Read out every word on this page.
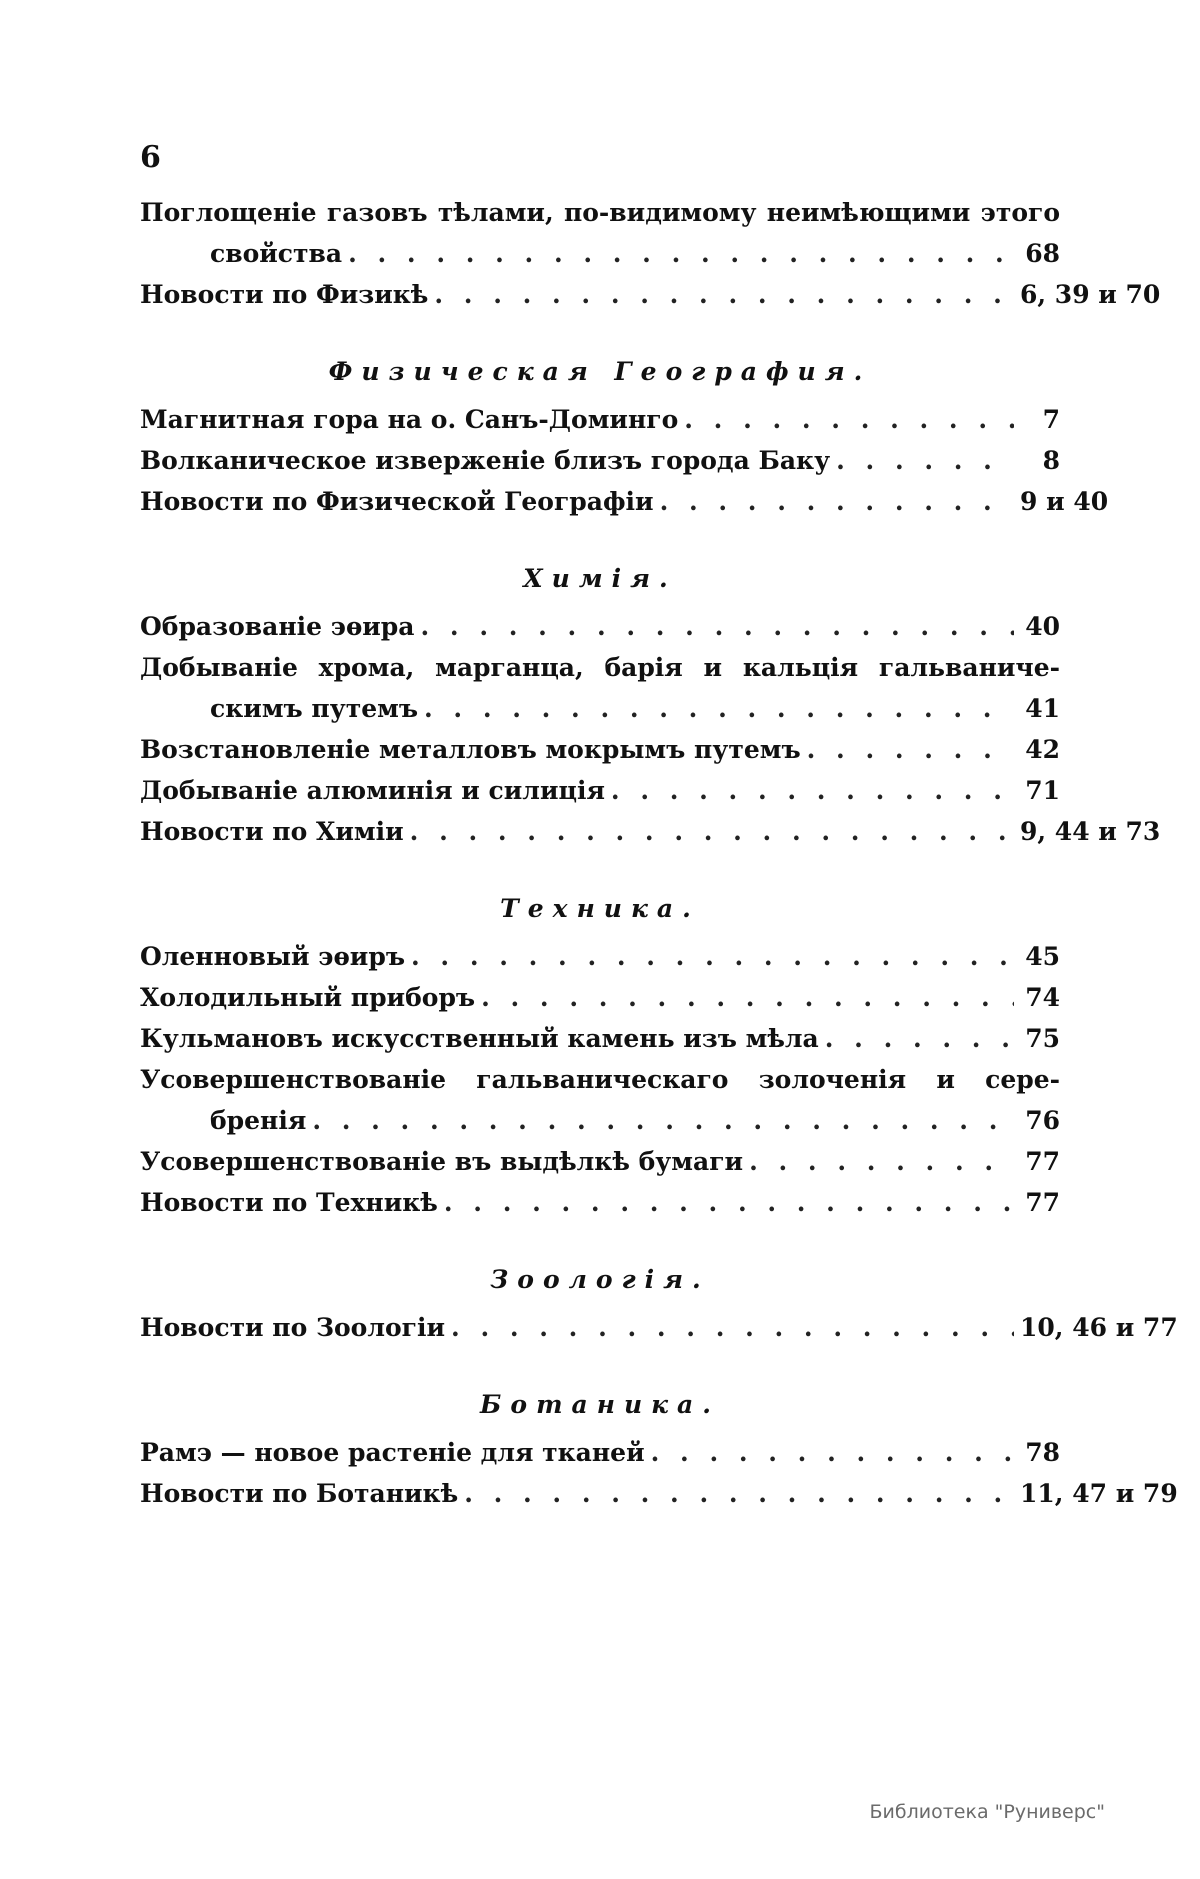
6
Поглощеніе газовъ тѣлами, по-видимому неимѣющими этого
свойства . . .	68
Новости по Физикѣ . . .	6, 39 и 70
Физическая География.
Магнитная гора на о. Санъ-Доминго . . .	7
Волканическое изверженіе близъ города Баку . . .	8
Новости по Физической Географіи . . .	9 и 40
Химія.
Образованіе эѳира . . .	40
Добываніе хрома, марганца, барія и кальція гальваниче-
скимъ путемъ . . .	41
Возстановленіе металловъ мокрымъ путемъ . . .	42
Добываніе алюминія и силиція . . .	71
Новости по Химіи . . .	9, 44 и 73
Техника.
Оленновый эѳиръ . . .	45
Холодильный приборъ . . .	74
Кульмановъ искусственный камень изъ мѣла . . .	75
Усовершенствованіе гальваническаго золоченія и сере-
бренія . . .	76
Усовершенствованіе въ выдѣлкѣ бумаги . . .	77
Новости по Техникѣ . . .	77
Зоологія.
Новости по Зоологіи . . .	10, 46 и 77
Ботаника.
Рамэ — новое растеніе для тканей . . .	78
Новости по Ботаникѣ . . .	11, 47 и 79
Библиотека "Руниверс"
